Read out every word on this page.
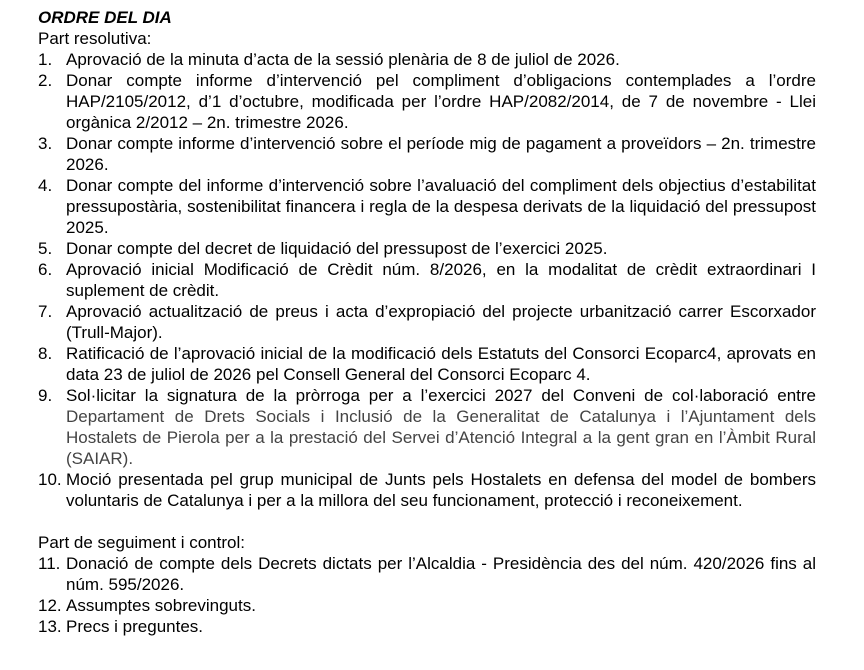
ORDRE DEL DIA

Part resolutiva:

1. Aprovació de la minuta d’acta de la sessió plenària de 8 de juliol de 2026.
2. Donar compte informe d’intervenció pel compliment d’obligacions contemplades a l’ordre HAP/2105/2012, d’1 d’octubre, modificada per l’ordre HAP/2082/2014, de 7 de novembre - Llei orgànica 2/2012 – 2n. trimestre 2026.
3. Donar compte informe d’intervenció sobre el període mig de pagament a proveïdors – 2n. trimestre 2026.
4. Donar compte del informe d’intervenció sobre l’avaluació del compliment dels objectius d’estabilitat pressupostària, sostenibilitat financera i regla de la despesa derivats de la liquidació del pressupost 2025.
5. Donar compte del decret de liquidació del pressupost de l’exercici 2025.
6. Aprovació inicial Modificació de Crèdit núm. 8/2026, en la modalitat de crèdit extraordinari I suplement de crèdit.
7. Aprovació actualització de preus i acta d’expropiació del projecte urbanització carrer Escorxador (Trull-Major).
8. Ratificació de l’aprovació inicial de la modificació dels Estatuts del Consorci Ecoparc4, aprovats en data 23 de juliol de 2026 pel Consell General del Consorci Ecoparc 4.
9. Sol·licitar la signatura de la pròrroga per a l’exercici 2027 del Conveni de col·laboració entre Departament de Drets Socials i Inclusió de la Generalitat de Catalunya i l’Ajuntament dels Hostalets de Pierola per a la prestació del Servei d’Atenció Integral a la gent gran en l’Àmbit Rural (SAIAR).
10. Moció presentada pel grup municipal de Junts pels Hostalets en defensa del model de bombers voluntaris de Catalunya i per a la millora del seu funcionament, protecció i reconeixement.

Part de seguiment i control:

11. Donació de compte dels Decrets dictats per l’Alcaldia - Presidència des del núm. 420/2026 fins al núm. 595/2026.
12. Assumptes sobrevinguts.
13. Precs i preguntes.
